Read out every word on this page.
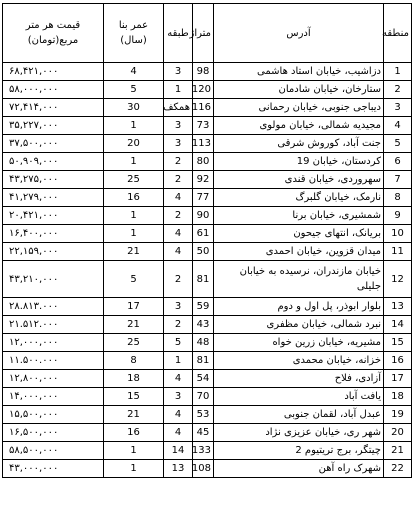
منطقه	آدرس	متراژ	طبقه	عمر بنا (سال)	قیمت هر متر مربع(تومان)
1	دزاشیب، خیابان استاد هاشمی	98	3	4	۶۸,۴۲۱,۰۰۰
2	ستارخان، خیابان شادمان	120	1	5	۵۸,۰۰۰,۰۰۰
3	دیباجی جنوبی، خیابان رحمانی	116	همکف	30	۷۲,۴۱۴,۰۰۰
4	مجیدیه شمالی، خیابان مولوی	73	3	1	۳۵,۲۲۷,۰۰۰
5	جنت آباد، کوروش شرقی	113	3	20	۳۷,۵۰۰,۰۰۰
6	کردستان، خیابان 19	80	2	1	۵۰,۹۰۹,۰۰۰
7	سهروردی، خیابان قندی	92	2	25	۴۳,۲۷۵,۰۰۰
8	نارمک، خیابان گلبرگ	77	4	16	۴۱,۲۷۹,۰۰۰
9	شمشیری، خیابان برنا	90	2	1	۲۰,۴۲۱,۰۰۰
10	بریانک، انتهای جیحون	61	4	1	۱۶,۴۰۰,۰۰۰
11	میدان قزوین، خیابان احمدی	50	4	21	۲۲,۱۵۹,۰۰۰
12	خیابان مازندران، نرسیده به خیابان جلیلی	81	2	5	۴۳,۲۱۰,۰۰۰
13	بلوار ابوذر، پل اول و دوم	59	3	17	۲۸.۸۱۳.۰۰۰
14	نبرد شمالی، خیابان مظفری	43	2	21	۲۱.۵۱۲.۰۰۰
15	مشیریه، خیابان زرین خواه	48	5	25	۱۲,۰۰۰,۰۰۰
16	خزانه، خیابان محمدی	81	1	8	۱۱.۵۰۰.۰۰۰
17	آزادی، فلاح	54	4	18	۱۲,۸۰۰,۰۰۰
18	یافت آباد	70	3	15	۱۴,۰۰۰,۰۰۰
19	عبدل آباد، لقمان جنوبی	53	4	21	۱۵,۵۰۰,۰۰۰
20	شهر ری، خیابان عزیزی نژاد	45	4	16	۱۶,۵۰۰,۰۰۰
21	چیتگر، برج تریتیوم 2	133	14	1	۵۸,۵۰۰,۰۰۰
22	شهرک راه آهن	108	13	1	۴۳,۰۰۰,۰۰۰
